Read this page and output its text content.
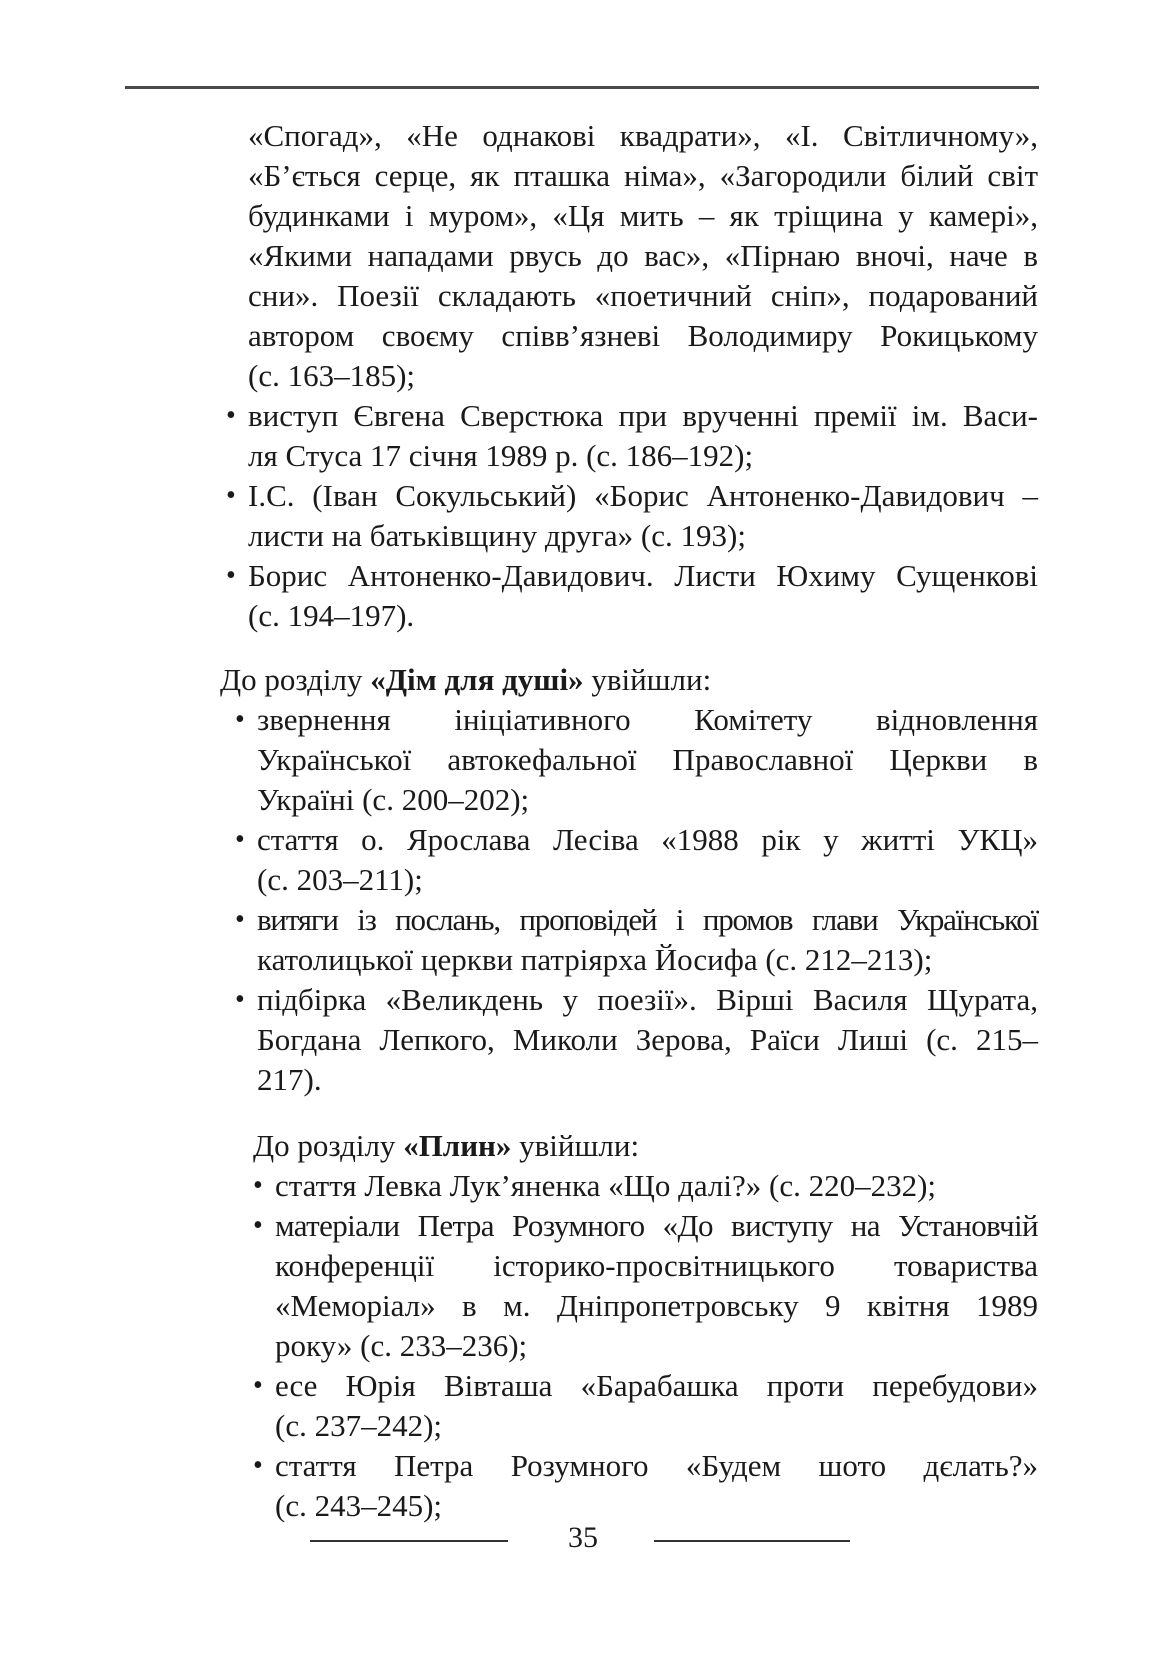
«Спогад», «Не однакові квадрати», «І. Світличному»,
«Б’ється серце, як пташка німа», «Загородили білий світ
будинками і муром», «Ця мить – як тріщина у камері»,
«Якими нападами рвусь до вас», «Пірнаю вночі, наче в
сни». Поезії складають «поетичний сніп», подарований
автором своєму співв’язневі Володимиру Рокицькому
(с. 163–185);
• виступ Євгена Сверстюка при врученні премії ім. Васи-
ля Стуса 17 січня 1989 р. (с. 186–192);
• І.С. (Іван Сокульський) «Борис Антоненко-Давидович –
листи на батьківщину друга» (с. 193);
• Борис Антоненко-Давидович. Листи Юхиму Сущенкові
(с. 194–197).
До розділу «Дім для душі» увійшли:
• звернення ініціативного Комітету відновлення
Української автокефальної Православної Церкви в
Україні (с. 200–202);
• стаття о. Ярослава Лесіва «1988 рік у житті УКЦ»
(с. 203–211);
• витяги із послань, проповідей і промов глави Української
католицької церкви патріярха Йосифа (с. 212–213);
• підбірка «Великдень у поезії». Вірші Василя Щурата,
Богдана Лепкого, Миколи Зерова, Раїси Лиші (с. 215–
217).
До розділу «Плин» увійшли:
• стаття Левка Лук’яненка «Що далі?» (с. 220–232);
• матеріали Петра Розумного «До виступу на Установчій
конференції історико-просвітницького товариства
«Меморіал» в м. Дніпропетровську 9 квітня 1989
року» (с. 233–236);
• есе Юрія Вівташа «Барабашка проти перебудови»
(с. 237–242);
• стаття Петра Розумного «Будем шото дєлать?»
(с. 243–245);
35
